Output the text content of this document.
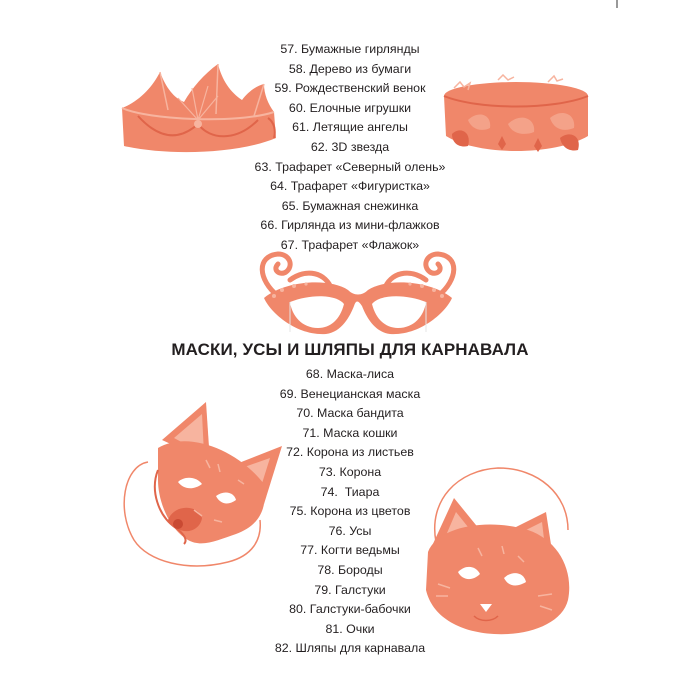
57. Бумажные гирлянды
58. Дерево из бумаги
59. Рождественский венок
60. Елочные игрушки
61. Летящие ангелы
62. 3D звезда
63. Трафарет «Северный олень»
64. Трафарет «Фигуристка»
65. Бумажная снежинка
66. Гирлянда из мини-флажков
67. Трафарет «Флажок»
МАСКИ, УСЫ И ШЛЯПЫ ДЛЯ КАРНАВАЛА
68. Маска-лиса
69. Венецианская маска
70. Маска бандита
71. Маска кошки
72. Корона из листьев
73. Корона
74.  Тиара
75. Корона из цветов
76. Усы
77. Когти ведьмы
78. Бороды
79. Галстуки
80. Галстуки-бабочки
81. Очки
82. Шляпы для карнавала
